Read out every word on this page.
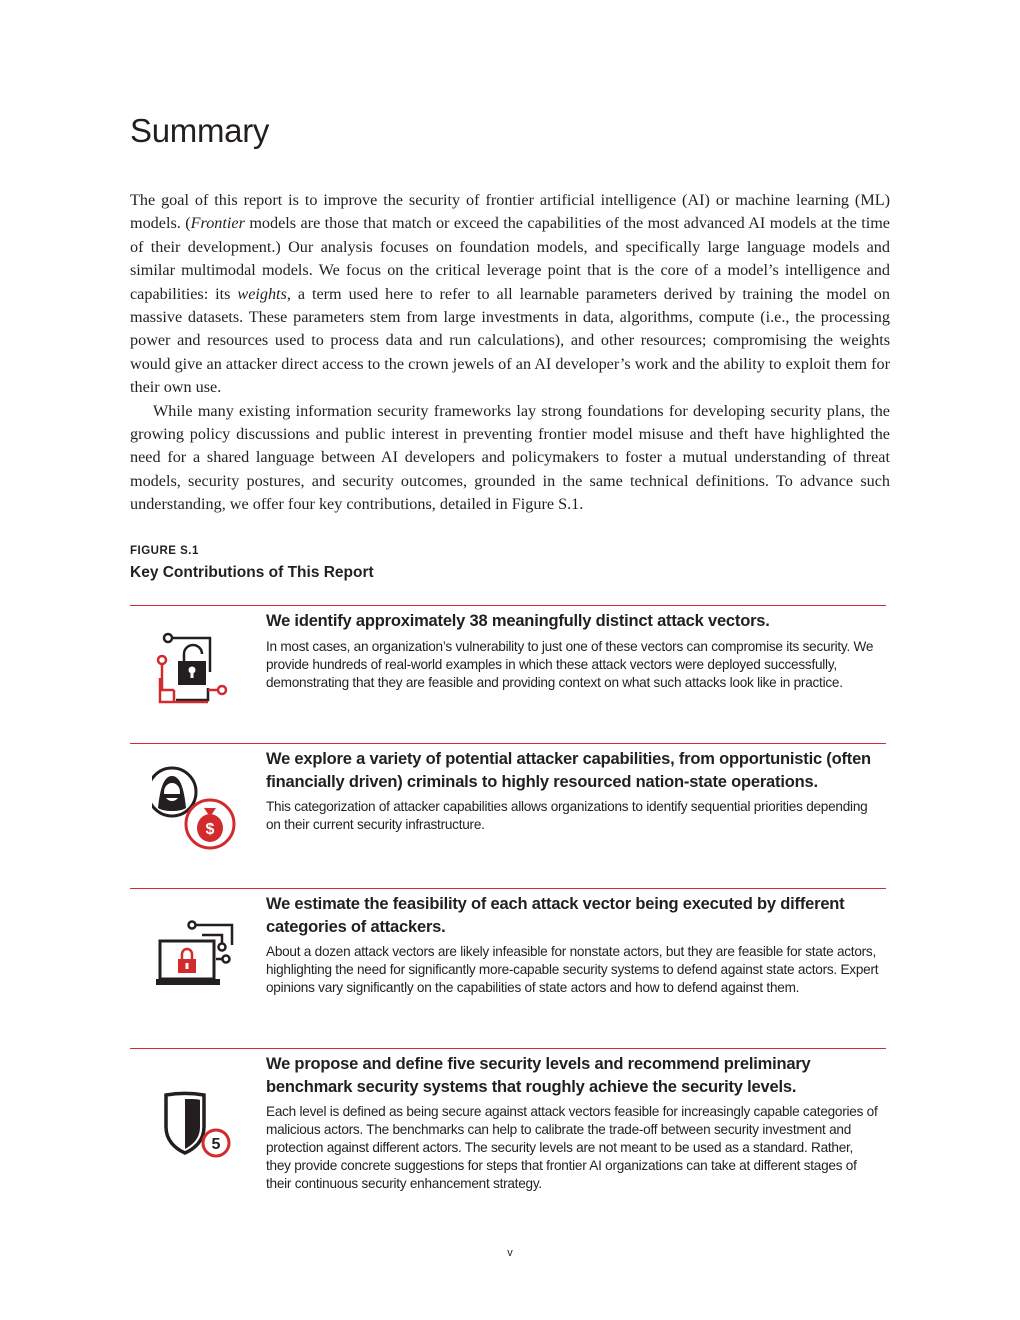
Summary

The goal of this report is to improve the security of frontier artificial intelligence (AI) or machine learning (ML) models. (Frontier models are those that match or exceed the capabilities of the most advanced AI models at the time of their development.) Our analysis focuses on foundation models, and specifically large language models and similar multimodal models. We focus on the critical leverage point that is the core of a model’s intelligence and capabilities: its weights, a term used here to refer to all learnable parameters derived by training the model on massive datasets. These parameters stem from large investments in data, algorithms, compute (i.e., the processing power and resources used to process data and run calculations), and other resources; compromising the weights would give an attacker direct access to the crown jewels of an AI developer’s work and the ability to exploit them for their own use.

While many existing information security frameworks lay strong foundations for developing security plans, the growing policy discussions and public interest in preventing frontier model misuse and theft have highlighted the need for a shared language between AI developers and policymakers to foster a mutual understanding of threat models, security postures, and security outcomes, grounded in the same technical definitions. To advance such understanding, we offer four key contributions, detailed in Figure S.1.

FIGURE S.1
Key Contributions of This Report
We identify approximately 38 meaningfully distinct attack vectors.

In most cases, an organization’s vulnerability to just one of these vectors can compromise its security. We provide hundreds of real-world examples in which these attack vectors were deployed successfully, demonstrating that they are feasible and providing context on what such attacks look like in practice.

$
We explore a variety of potential attacker capabilities, from opportunistic (often financially driven) criminals to highly resourced nation-state operations.

This categorization of attacker capabilities allows organizations to identify sequential priorities depending on their current security infrastructure.

We estimate the feasibility of each attack vector being executed by different categories of attackers.

About a dozen attack vectors are likely infeasible for nonstate actors, but they are feasible for state actors, highlighting the need for significantly more-capable security systems to defend against state actors. Expert opinions vary significantly on the capabilities of state actors and how to defend against them.

5
We propose and define five security levels and recommend preliminary benchmark security systems that roughly achieve the security levels.

Each level is defined as being secure against attack vectors feasible for increasingly capable categories of malicious actors. The benchmarks can help to calibrate the trade-off between security investment and protection against different actors. The security levels are not meant to be used as a standard. Rather, they provide concrete suggestions for steps that frontier AI organizations can take at different stages of their continuous security enhancement strategy.

v
